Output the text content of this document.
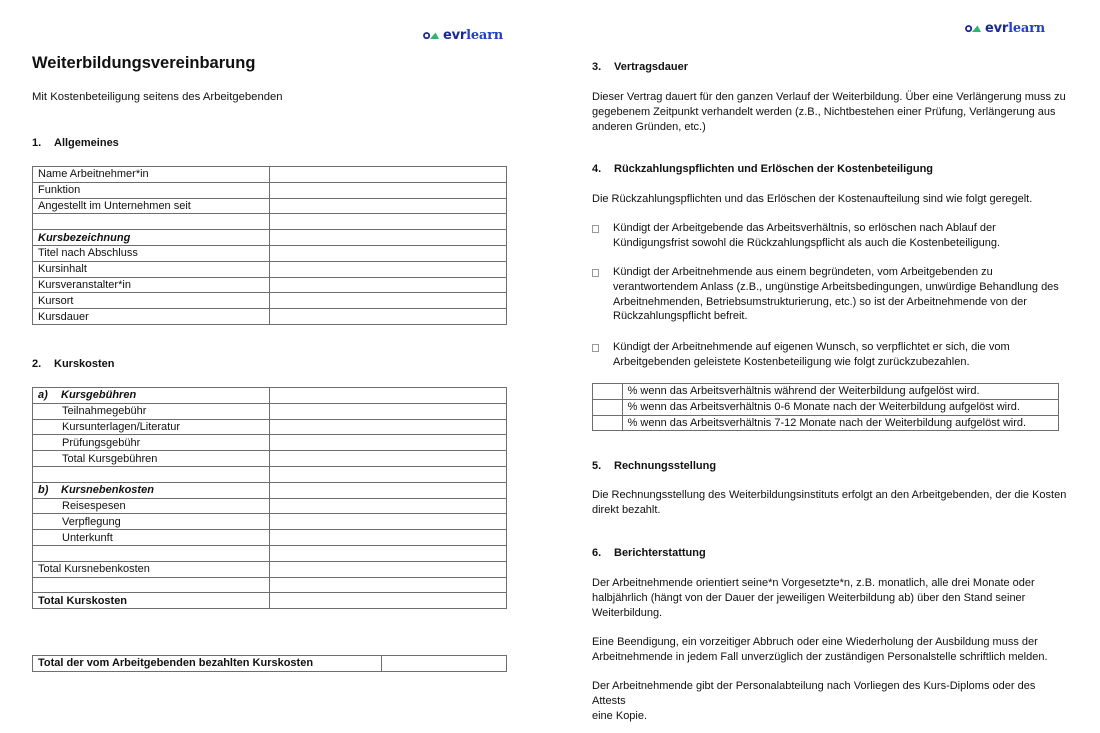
evr learn
Weiterbildungsvereinbarung
Mit Kostenbeteiligung seitens des Arbeitgebenden
1.	Allgemeines
Name Arbeitnehmer*in	
Funktion	
Angestellt im Unternehmen seit	

Kursbezeichnung	
Titel nach Abschluss	
Kursinhalt	
Kursveranstalter*in	
Kursort	
Kursdauer	
2.	Kurskosten
a) Kursgebühren	
Teilnahmegebühr	
Kursunterlagen/Literatur	
Prüfungsgebühr	
Total Kursgebühren	

b) Kursnebenkosten	
Reisespesen	
Verpflegung	
Unterkunft	

Total Kursnebenkosten	

Total Kurskosten	
Total der vom Arbeitgebenden bezahlten Kurskosten	
evr learn
3.	Vertragsdauer
Dieser Vertrag dauert für den ganzen Verlauf der Weiterbildung. Über eine Verlängerung muss zu
gegebenem Zeitpunkt verhandelt werden (z.B., Nichtbestehen einer Prüfung, Verlängerung aus
anderen Gründen, etc.)
4.	Rückzahlungspflichten und Erlöschen der Kostenbeteiligung
Die Rückzahlungspflichten und das Erlöschen der Kostenaufteilung sind wie folgt geregelt.
Kündigt der Arbeitgebende das Arbeitsverhältnis, so erlöschen nach Ablauf der
Kündigungsfrist sowohl die Rückzahlungspflicht als auch die Kostenbeteiligung.
Kündigt der Arbeitnehmende aus einem begründeten, vom Arbeitgebenden zu
verantwortendem Anlass (z.B., ungünstige Arbeitsbedingungen, unwürdige Behandlung des
Arbeitnehmenden, Betriebsumstrukturierung, etc.) so ist der Arbeitnehmende von der
Rückzahlungspflicht befreit.
Kündigt der Arbeitnehmende auf eigenen Wunsch, so verpflichtet er sich, die vom
Arbeitgebenden geleistete Kostenbeteiligung wie folgt zurückzubezahlen.
	% wenn das Arbeitsverhältnis während der Weiterbildung aufgelöst wird.
	% wenn das Arbeitsverhältnis 0-6 Monate nach der Weiterbildung aufgelöst wird.
	% wenn das Arbeitsverhältnis 7-12 Monate nach der Weiterbildung aufgelöst wird.
5.	Rechnungsstellung
Die Rechnungsstellung des Weiterbildungsinstituts erfolgt an den Arbeitgebenden, der die Kosten
direkt bezahlt.
6.	Berichterstattung
Der Arbeitnehmende orientiert seine*n Vorgesetzte*n, z.B. monatlich, alle drei Monate oder
halbjährlich (hängt von der Dauer der jeweiligen Weiterbildung ab) über den Stand seiner
Weiterbildung.
Eine Beendigung, ein vorzeitiger Abbruch oder eine Wiederholung der Ausbildung muss der
Arbeitnehmende in jedem Fall unverzüglich der zuständigen Personalstelle schriftlich melden.
Der Arbeitnehmende gibt der Personalabteilung nach Vorliegen des Kurs-Diploms oder des Attests
eine Kopie.
